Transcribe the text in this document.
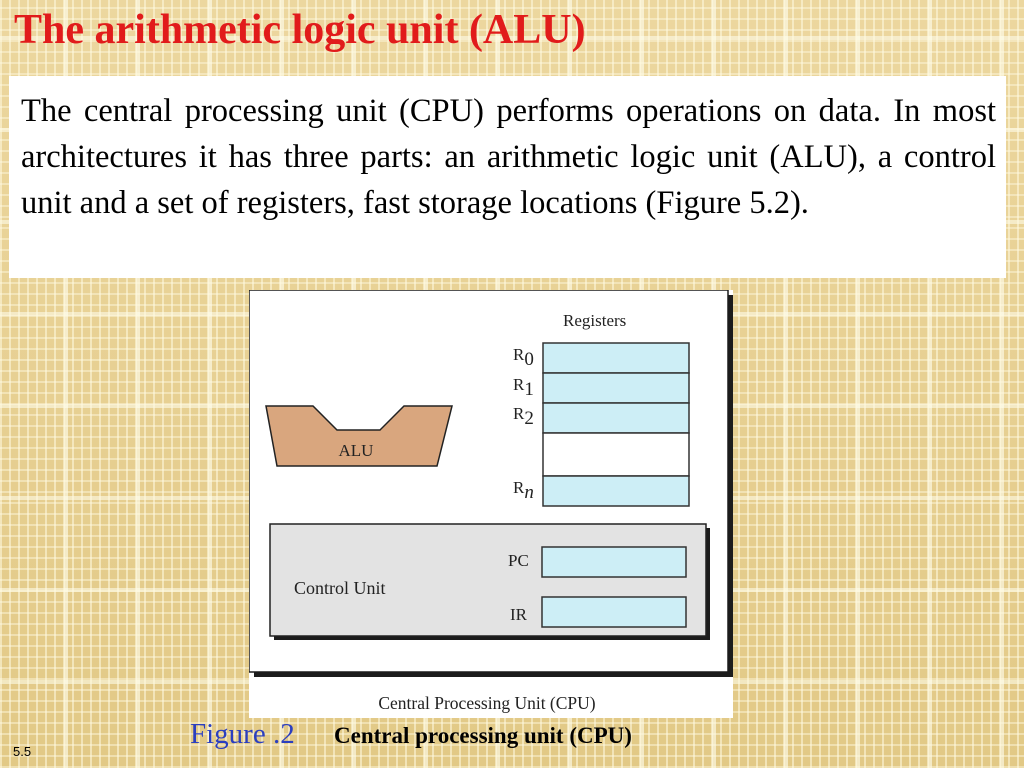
The arithmetic logic unit (ALU)

The central processing unit (CPU) performs operations on data. In most architectures it has three parts: an arithmetic logic unit (ALU), a control unit and a set of registers, fast storage locations (Figure 5.2).

Registers
R0
R1
R2
Rn
ALU
Control Unit
PC
IR
Central Processing Unit (CPU)
Figure .2 Central processing unit (CPU)
5.5
